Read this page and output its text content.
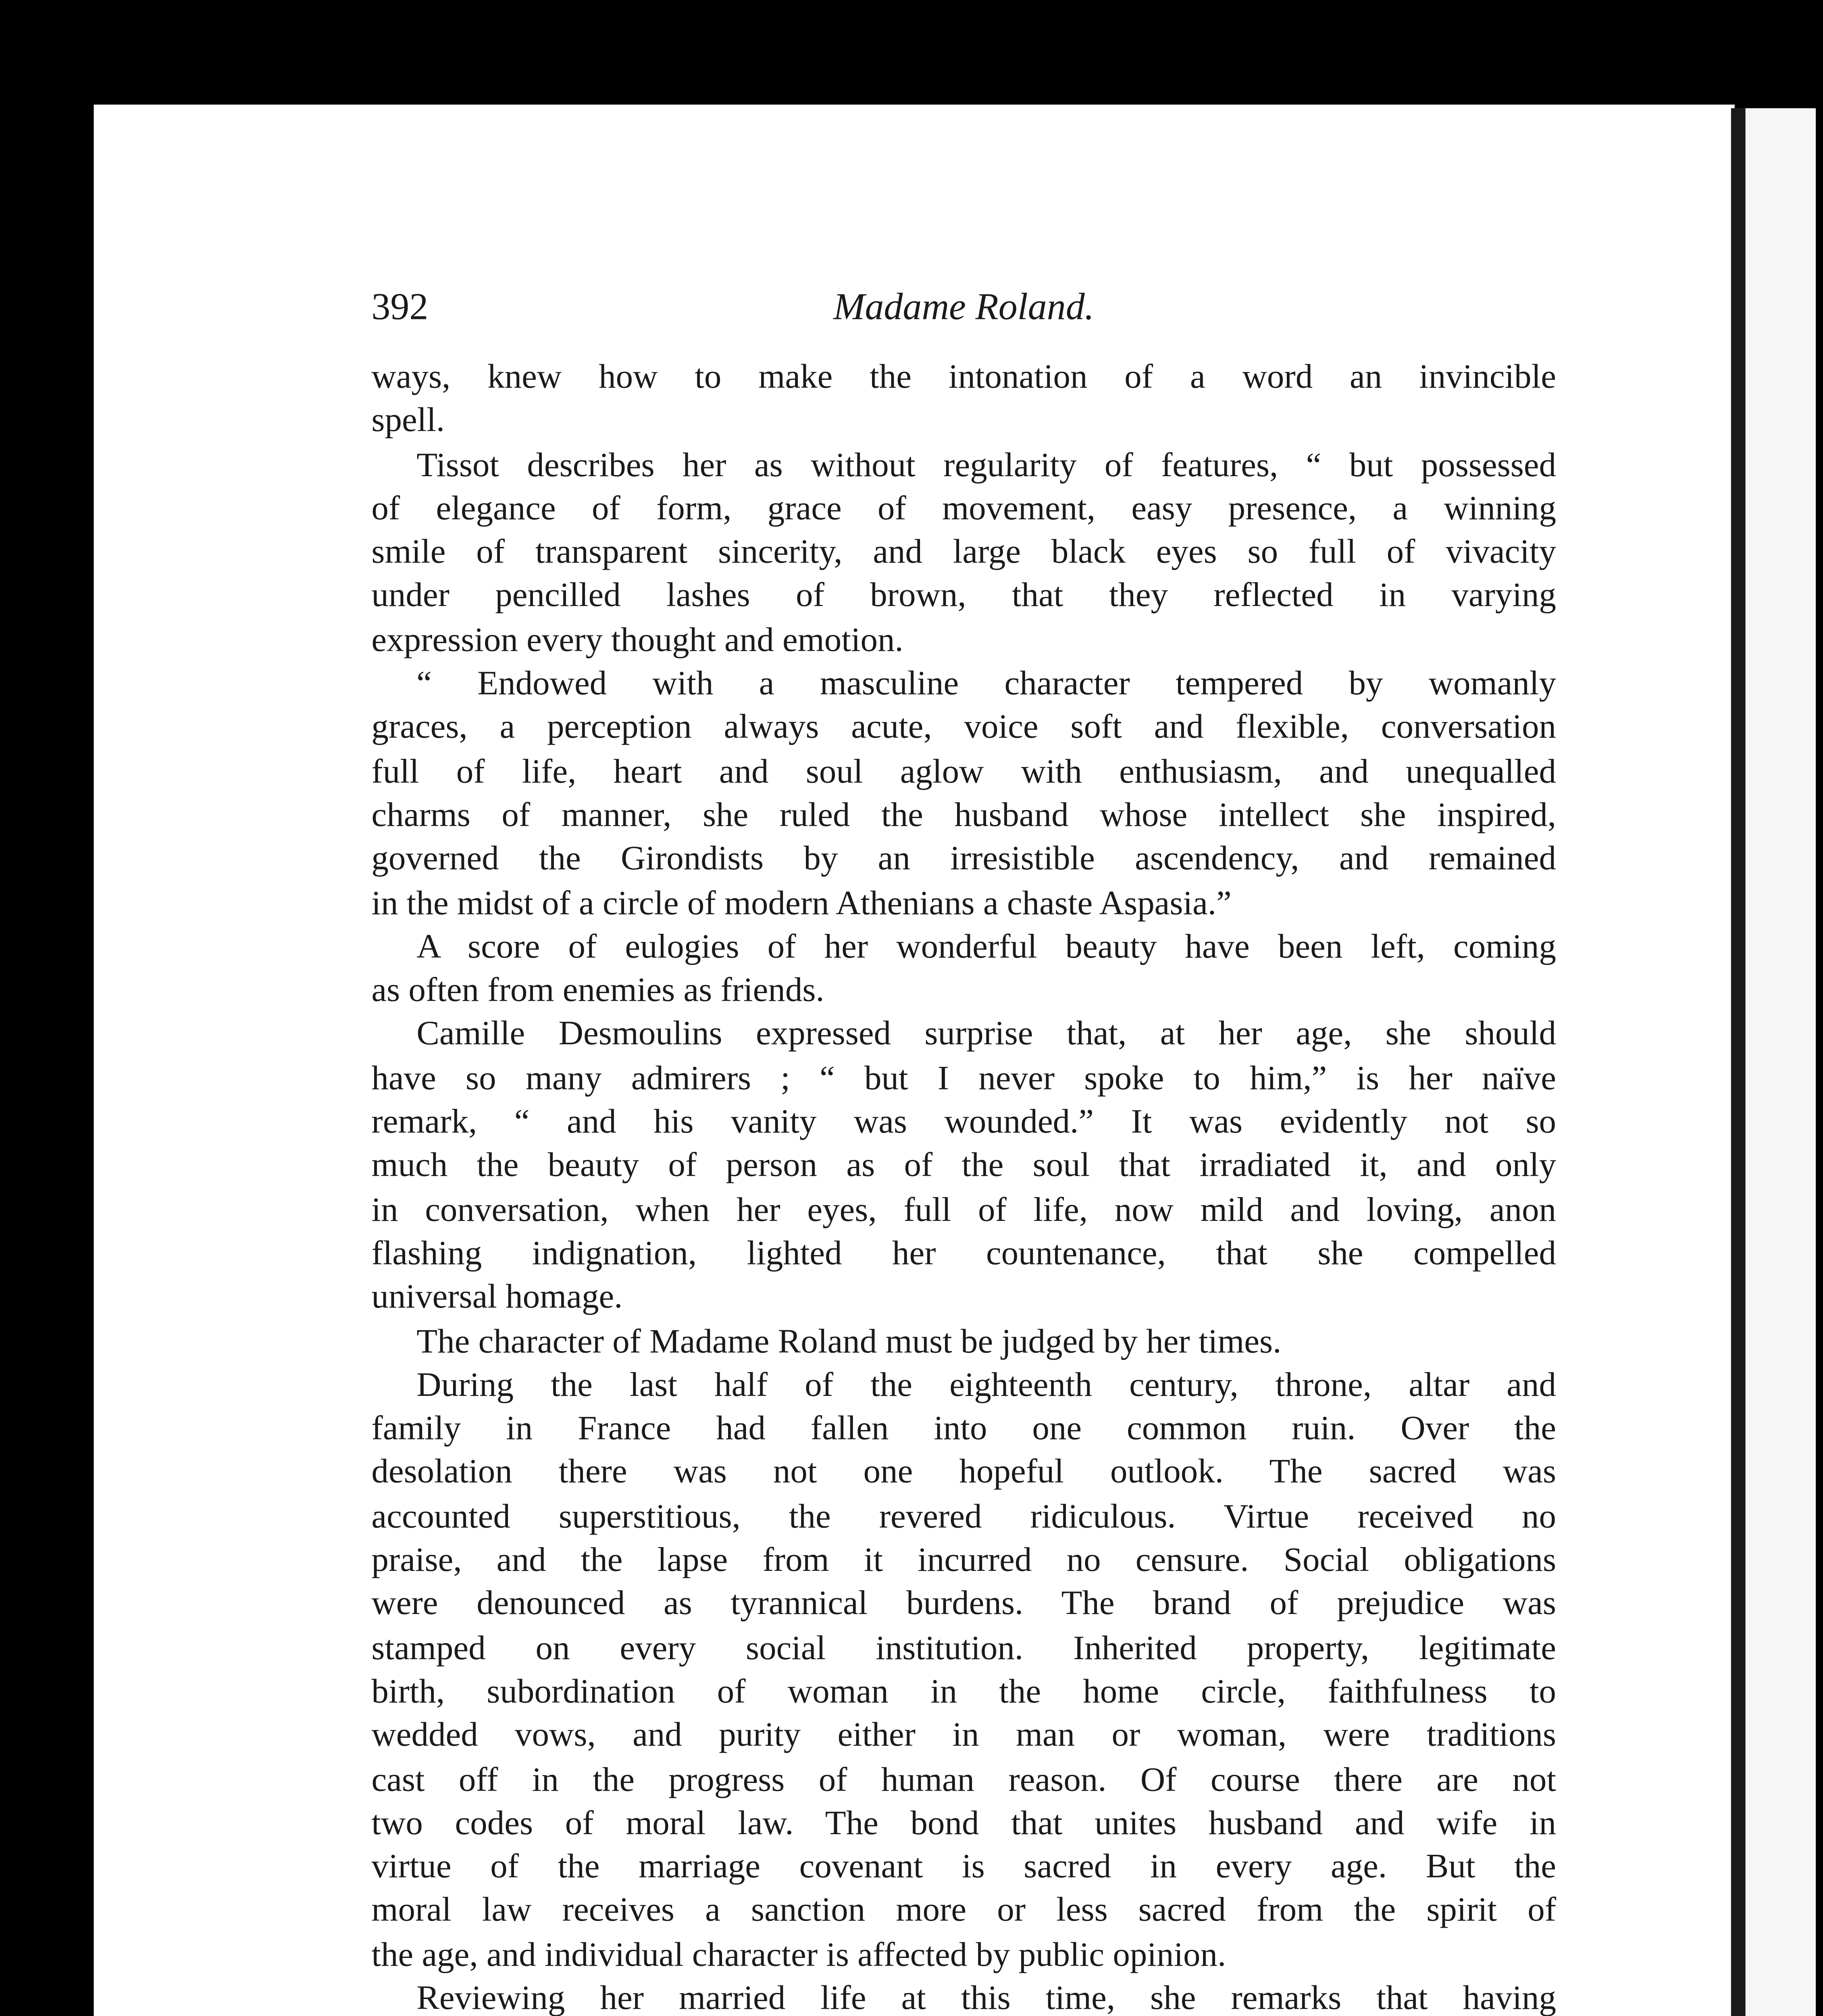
392	Madame Roland.
ways, knew how to make the intonation of a word an invincible
spell.
Tissot describes her as without regularity of features, “ but possessed
of elegance of form, grace of movement, easy presence, a winning
smile of transparent sincerity, and large black eyes so full of vivacity
under pencilled lashes of brown, that they reflected in varying
expression every thought and emotion.
“ Endowed with a masculine character tempered by womanly
graces, a perception always acute, voice soft and flexible, conversation
full of life, heart and soul aglow with enthusiasm, and unequalled
charms of manner, she ruled the husband whose intellect she inspired,
governed the Girondists by an irresistible ascendency, and remained
in the midst of a circle of modern Athenians a chaste Aspasia.”
A score of eulogies of her wonderful beauty have been left, coming
as often from enemies as friends.
Camille Desmoulins expressed surprise that, at her age, she should
have so many admirers ; “ but I never spoke to him,” is her naïve
remark, “ and his vanity was wounded.” It was evidently not so
much the beauty of person as of the soul that irradiated it, and only
in conversation, when her eyes, full of life, now mild and loving, anon
flashing indignation, lighted her countenance, that she compelled
universal homage.
The character of Madame Roland must be judged by her times.
During the last half of the eighteenth century, throne, altar and
family in France had fallen into one common ruin. Over the
desolation there was not one hopeful outlook. The sacred was
accounted superstitious, the revered ridiculous. Virtue received no
praise, and the lapse from it incurred no censure. Social obligations
were denounced as tyrannical burdens. The brand of prejudice was
stamped on every social institution. Inherited property, legitimate
birth, subordination of woman in the home circle, faithfulness to
wedded vows, and purity either in man or woman, were traditions
cast off in the progress of human reason. Of course there are not
two codes of moral law. The bond that unites husband and wife in
virtue of the marriage covenant is sacred in every age. But the
moral law receives a sanction more or less sacred from the spirit of
the age, and individual character is affected by public opinion.
Reviewing her married life at this time, she remarks that having
